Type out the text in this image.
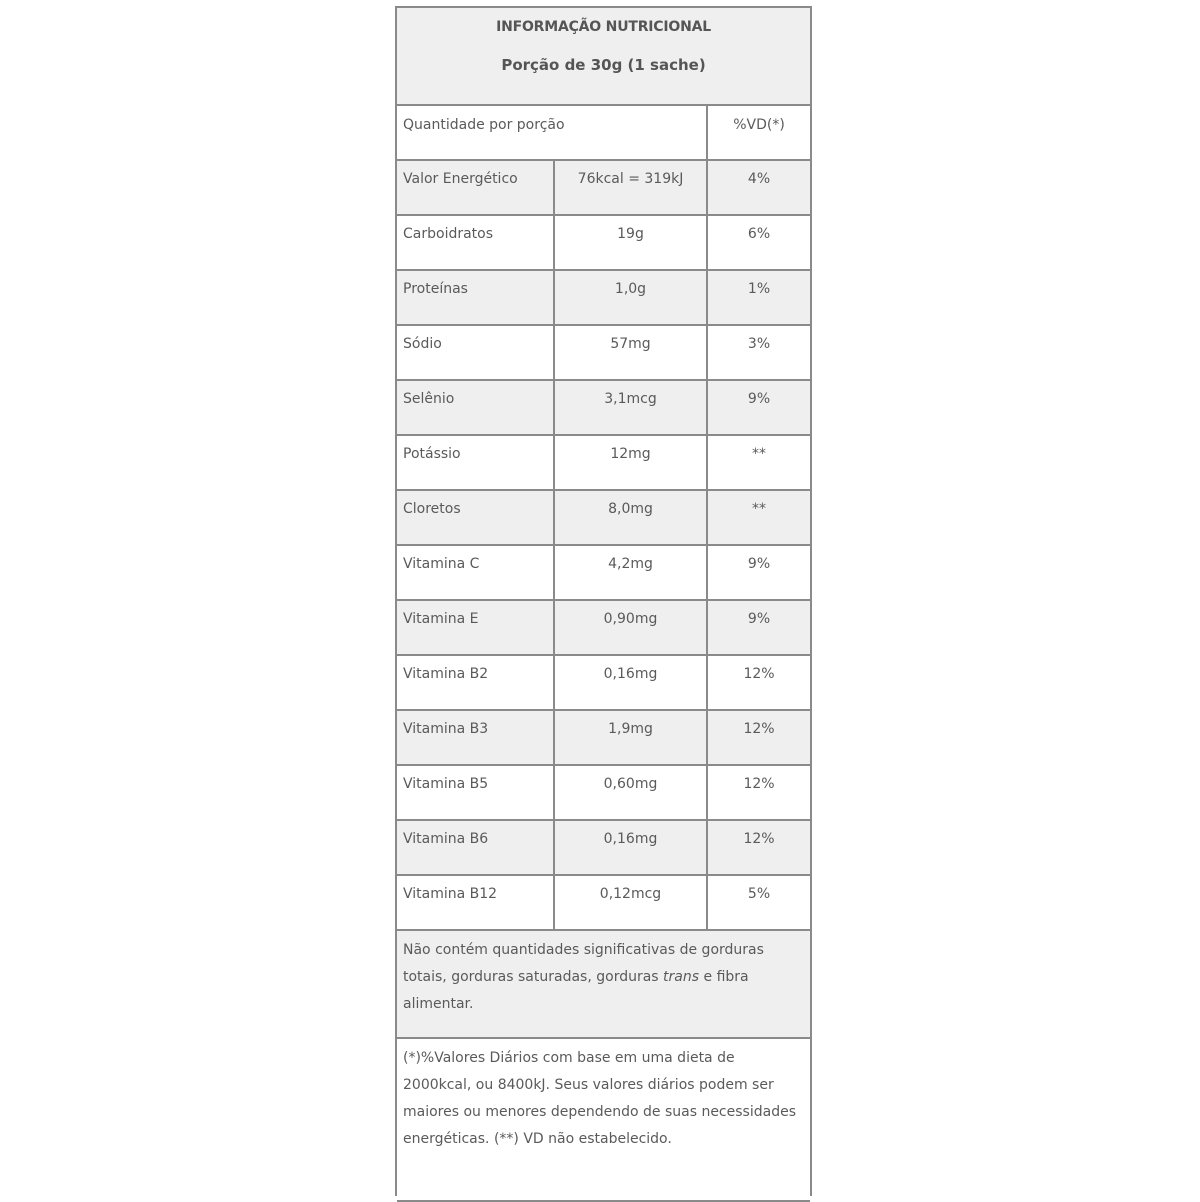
INFORMAÇÃO NUTRICIONAL
Porção de 30g (1 sache)		

Quantidade por porção		%VD(*)

Valor Energético	76kcal = 319kJ	4%

Carboidratos	19g	6%

Proteínas	1,0g	1%

Sódio	57mg	3%

Selênio	3,1mcg	9%

Potássio	12mg	**

Cloretos	8,0mg	**

Vitamina C	4,2mg	9%

Vitamina E	0,90mg	9%

Vitamina B2	0,16mg	12%

Vitamina B3	1,9mg	12%

Vitamina B5	0,60mg	12%

Vitamina B6	0,16mg	12%

Vitamina B12	0,12mcg	5%

Não contém quantidades significativas de gorduras totais, gorduras saturadas, gorduras trans e fibra alimentar.		
(*)%Valores Diários com base em uma dieta de 2000kcal, ou 8400kJ. Seus valores diários podem ser maiores ou menores dependendo de suas necessidades energéticas. (**) VD não estabelecido.		
